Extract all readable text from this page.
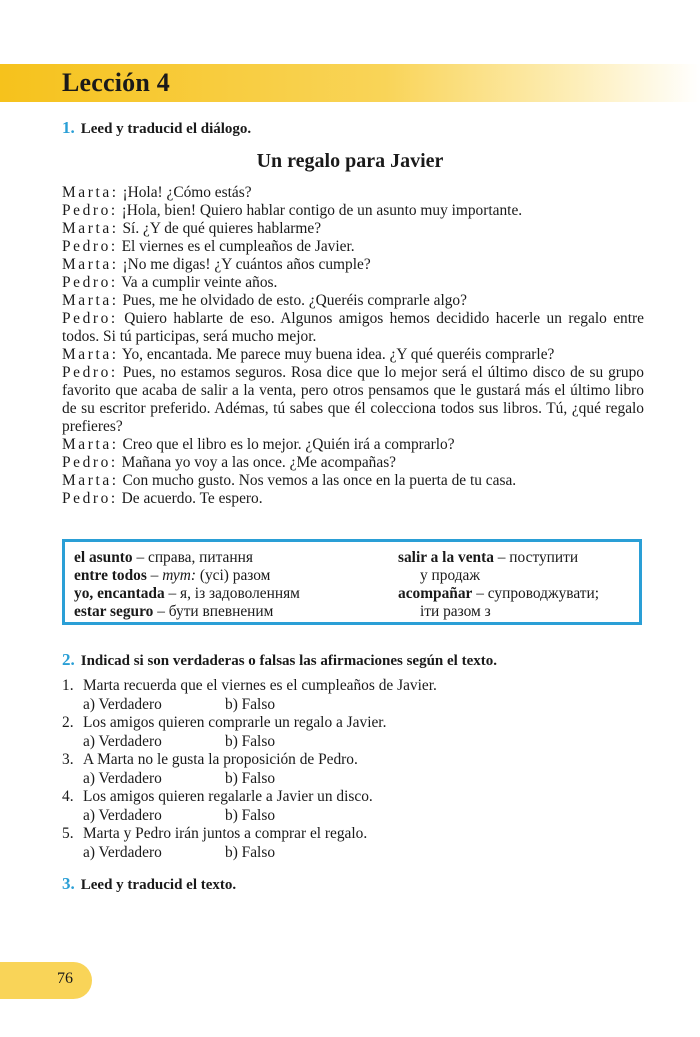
Lección 4
1. Leed y traducid el diálogo.
Un regalo para Javier
Marta: ¡Hola! ¿Cómo estás?
Pedro: ¡Hola, bien! Quiero hablar contigo de un asunto muy importante.
Marta: Sí. ¿Y de qué quieres hablarme?
Pedro: El viernes es el cumpleaños de Javier.
Marta: ¡No me digas! ¿Y cuántos años cumple?
Pedro: Va a cumplir veinte años.
Marta: Pues, me he olvidado de esto. ¿Queréis comprarle algo?
Pedro: Quiero hablarte de eso. Algunos amigos hemos decidido hacerle un regalo entre todos. Si tú participas, será mucho mejor.
Marta: Yo, encantada. Me parece muy buena idea. ¿Y qué queréis comprarle?
Pedro: Pues, no estamos seguros. Rosa dice que lo mejor será el último disco de su grupo favorito que acaba de salir a la venta, pero otros pensamos que le gustará más el último libro de su escritor preferido. Adémas, tú sabes que él colecciona todos sus libros. Tú, ¿qué regalo prefieres?
Marta: Creo que el libro es lo mejor. ¿Quién irá a comprarlo?
Pedro: Mañana yo voy a las once. ¿Me acompañas?
Marta: Con mucho gusto. Nos vemos a las once en la puerta de tu casa.
Pedro: De acuerdo. Te espero.
el asunto – справа, питання
entre todos – тут: (усі) разом
yo, encantada – я, із задоволенням
estar seguro – бути впевненим
salir a la venta – поступити
у продаж
acompañar – супроводжувати;
іти разом з
2. Indicad si son verdaderas o falsas las afirmaciones según el texto.
1. Marta recuerda que el viernes es el cumpleaños de Javier.
a) Verdadero	b) Falso
2. Los amigos quieren comprarle un regalo a Javier.
a) Verdadero	b) Falso
3. A Marta no le gusta la proposición de Pedro.
a) Verdadero	b) Falso
4. Los amigos quieren regalarle a Javier un disco.
a) Verdadero	b) Falso
5. Marta y Pedro irán juntos a comprar el regalo.
a) Verdadero	b) Falso
3. Leed y traducid el texto.
76
